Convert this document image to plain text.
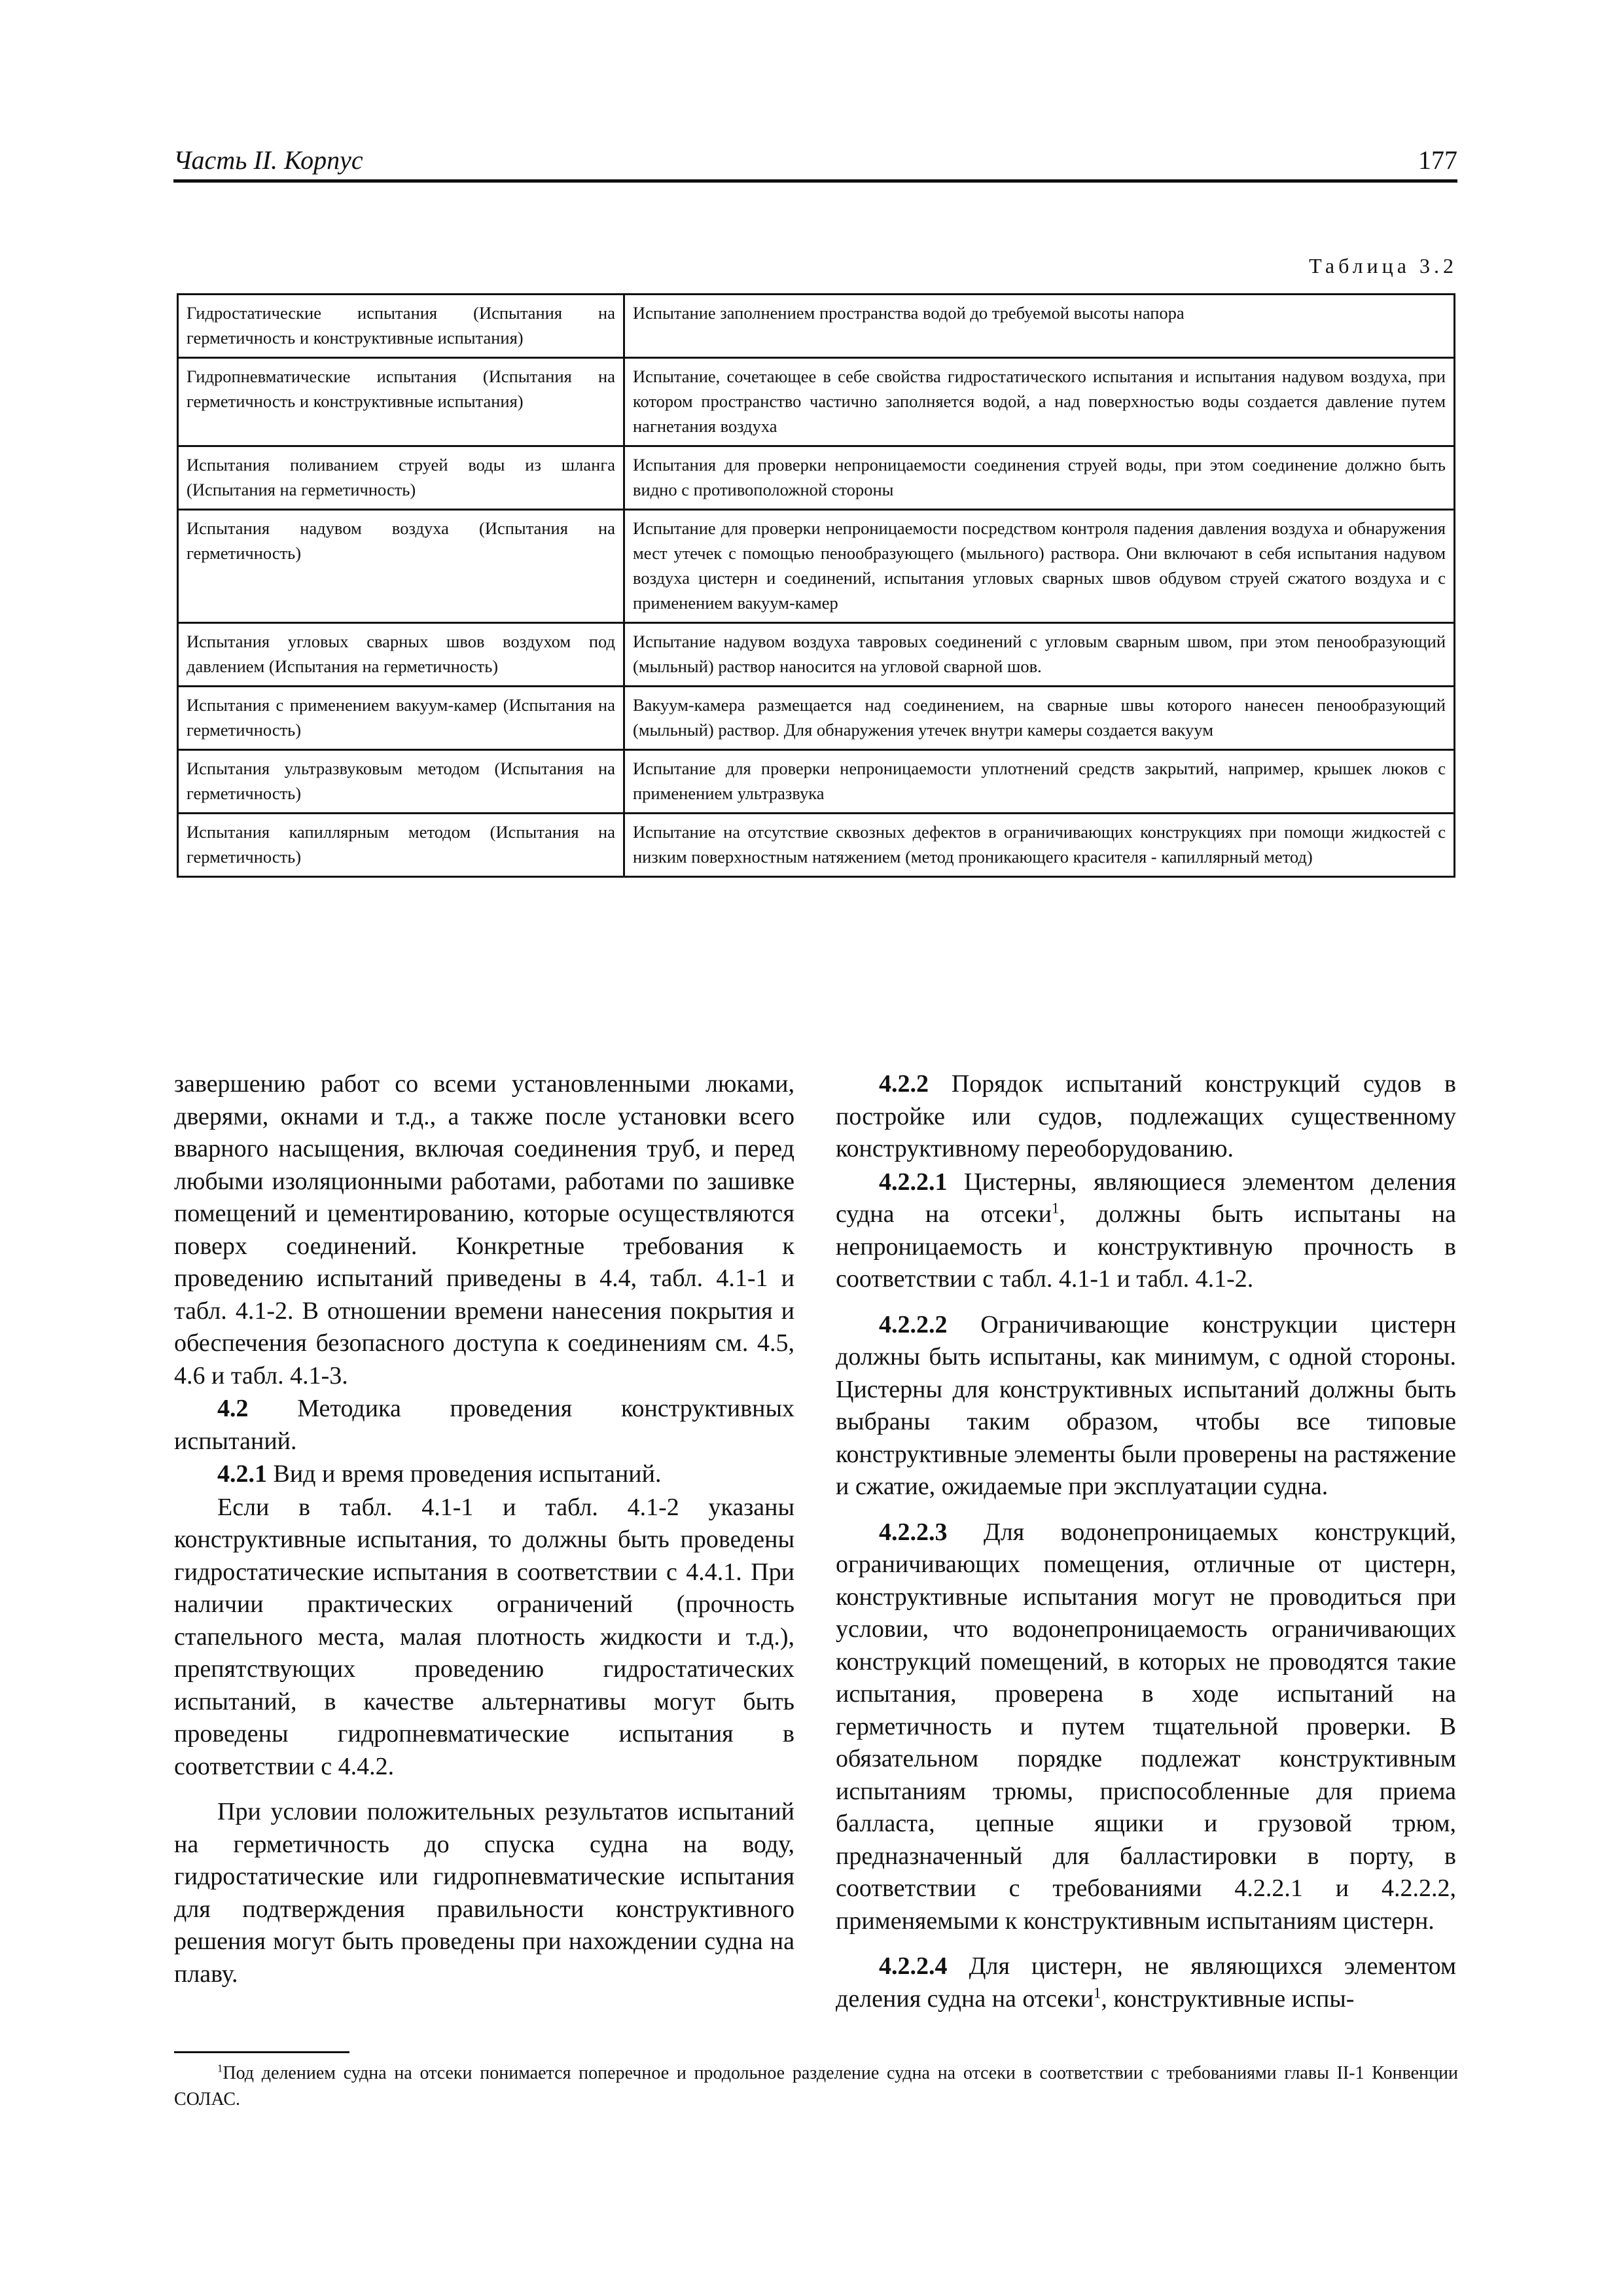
Часть II. Корпус	177
Таблица 3.2
Гидростатические испытания (Испытания на герметичность и конструктивные испытания)	Испытание заполнением пространства водой до требуемой высоты напора
Гидропневматические испытания (Испытания на герметичность и конструктивные испытания)	Испытание, сочетающее в себе свойства гидростатического испытания и испытания надувом воздуха, при котором пространство частично заполняется водой, а над поверхностью воды создается давление путем нагнетания воздуха
Испытания поливанием струей воды из шланга (Испытания на герметичность)	Испытания для проверки непроницаемости соединения струей воды, при этом соединение должно быть видно с противоположной стороны
Испытания надувом воздуха (Испытания на герметичность)	Испытание для проверки непроницаемости посредством контроля падения давления воздуха и обнаружения мест утечек с помощью пенообразующего (мыльного) раствора. Они включают в себя испытания надувом воздуха цистерн и соединений, испытания угловых сварных швов обдувом струей сжатого воздуха и с применением вакуум-камер
Испытания угловых сварных швов воздухом под давлением (Испытания на герметичность)	Испытание надувом воздуха тавровых соединений с угловым сварным швом, при этом пенообразующий (мыльный) раствор наносится на угловой сварной шов.
Испытания с применением вакуум-камер (Испытания на герметичность)	Вакуум-камера размещается над соединением, на сварные швы которого нанесен пенообразующий (мыльный) раствор. Для обнаружения утечек внутри камеры создается вакуум
Испытания ультразвуковым методом (Испытания на герметичность)	Испытание для проверки непроницаемости уплотнений средств закрытий, например, крышек люков с применением ультразвука
Испытания капиллярным методом (Испытания на герметичность)	Испытание на отсутствие сквозных дефектов в ограничивающих конструкциях при помощи жидкостей с низким поверхностным натяжением (метод проникающего красителя - капиллярный метод)

завершению работ со всеми установленными люками, дверями, окнами и т.д., а также после установки всего вварного насыщения, включая соединения труб, и перед любыми изоляционными работами, работами по зашивке помещений и цементированию, которые осуществляются поверх соединений. Конкретные требования к проведению испытаний приведены в 4.4, табл. 4.1-1 и табл. 4.1-2. В отношении времени нанесения покрытия и обеспечения безопасного доступа к соединениям см. 4.5, 4.6 и табл. 4.1-3.

4.2 Методика проведения конструктивных испытаний.

4.2.1 Вид и время проведения испытаний.

Если в табл. 4.1-1 и табл. 4.1-2 указаны конструктивные испытания, то должны быть проведены гидростатические испытания в соответствии с 4.4.1. При наличии практических ограничений (прочность стапельного места, малая плотность жидкости и т.д.), препятствующих проведению гидростатических испытаний, в качестве альтернативы могут быть проведены гидропневматические испытания в соответствии с 4.4.2.

При условии положительных результатов испытаний на герметичность до спуска судна на воду, гидростатические или гидропневматические испытания для подтверждения правильности конструктивного решения могут быть проведены при нахождении судна на плаву.

4.2.2 Порядок испытаний конструкций судов в постройке или судов, подлежащих существенному конструктивному переоборудованию.

4.2.2.1 Цистерны, являющиеся элементом деления судна на отсеки$^1$, должны быть испытаны на непроницаемость и конструктивную прочность в соответствии с табл. 4.1-1 и табл. 4.1-2.

4.2.2.2 Ограничивающие конструкции цистерн должны быть испытаны, как минимум, с одной стороны. Цистерны для конструктивных испытаний должны быть выбраны таким образом, чтобы все типовые конструктивные элементы были проверены на растяжение и сжатие, ожидаемые при эксплуатации судна.

4.2.2.3 Для водонепроницаемых конструкций, ограничивающих помещения, отличные от цистерн, конструктивные испытания могут не проводиться при условии, что водонепроницаемость ограничивающих конструкций помещений, в которых не проводятся такие испытания, проверена в ходе испытаний на герметичность и путем тщательной проверки. В обязательном порядке подлежат конструктивным испытаниям трюмы, приспособленные для приема балласта, цепные ящики и грузовой трюм, предназначенный для балластировки в порту, в соответствии с требованиями 4.2.2.1 и 4.2.2.2, применяемыми к конструктивным испытаниям цистерн.

4.2.2.4 Для цистерн, не являющихся элементом деления судна на отсеки$^1$, конструктивные испы-

$^1$Под делением судна на отсеки понимается поперечное и продольное разделение судна на отсеки в соответствии с требованиями главы II-1 Конвенции СОЛАС.
